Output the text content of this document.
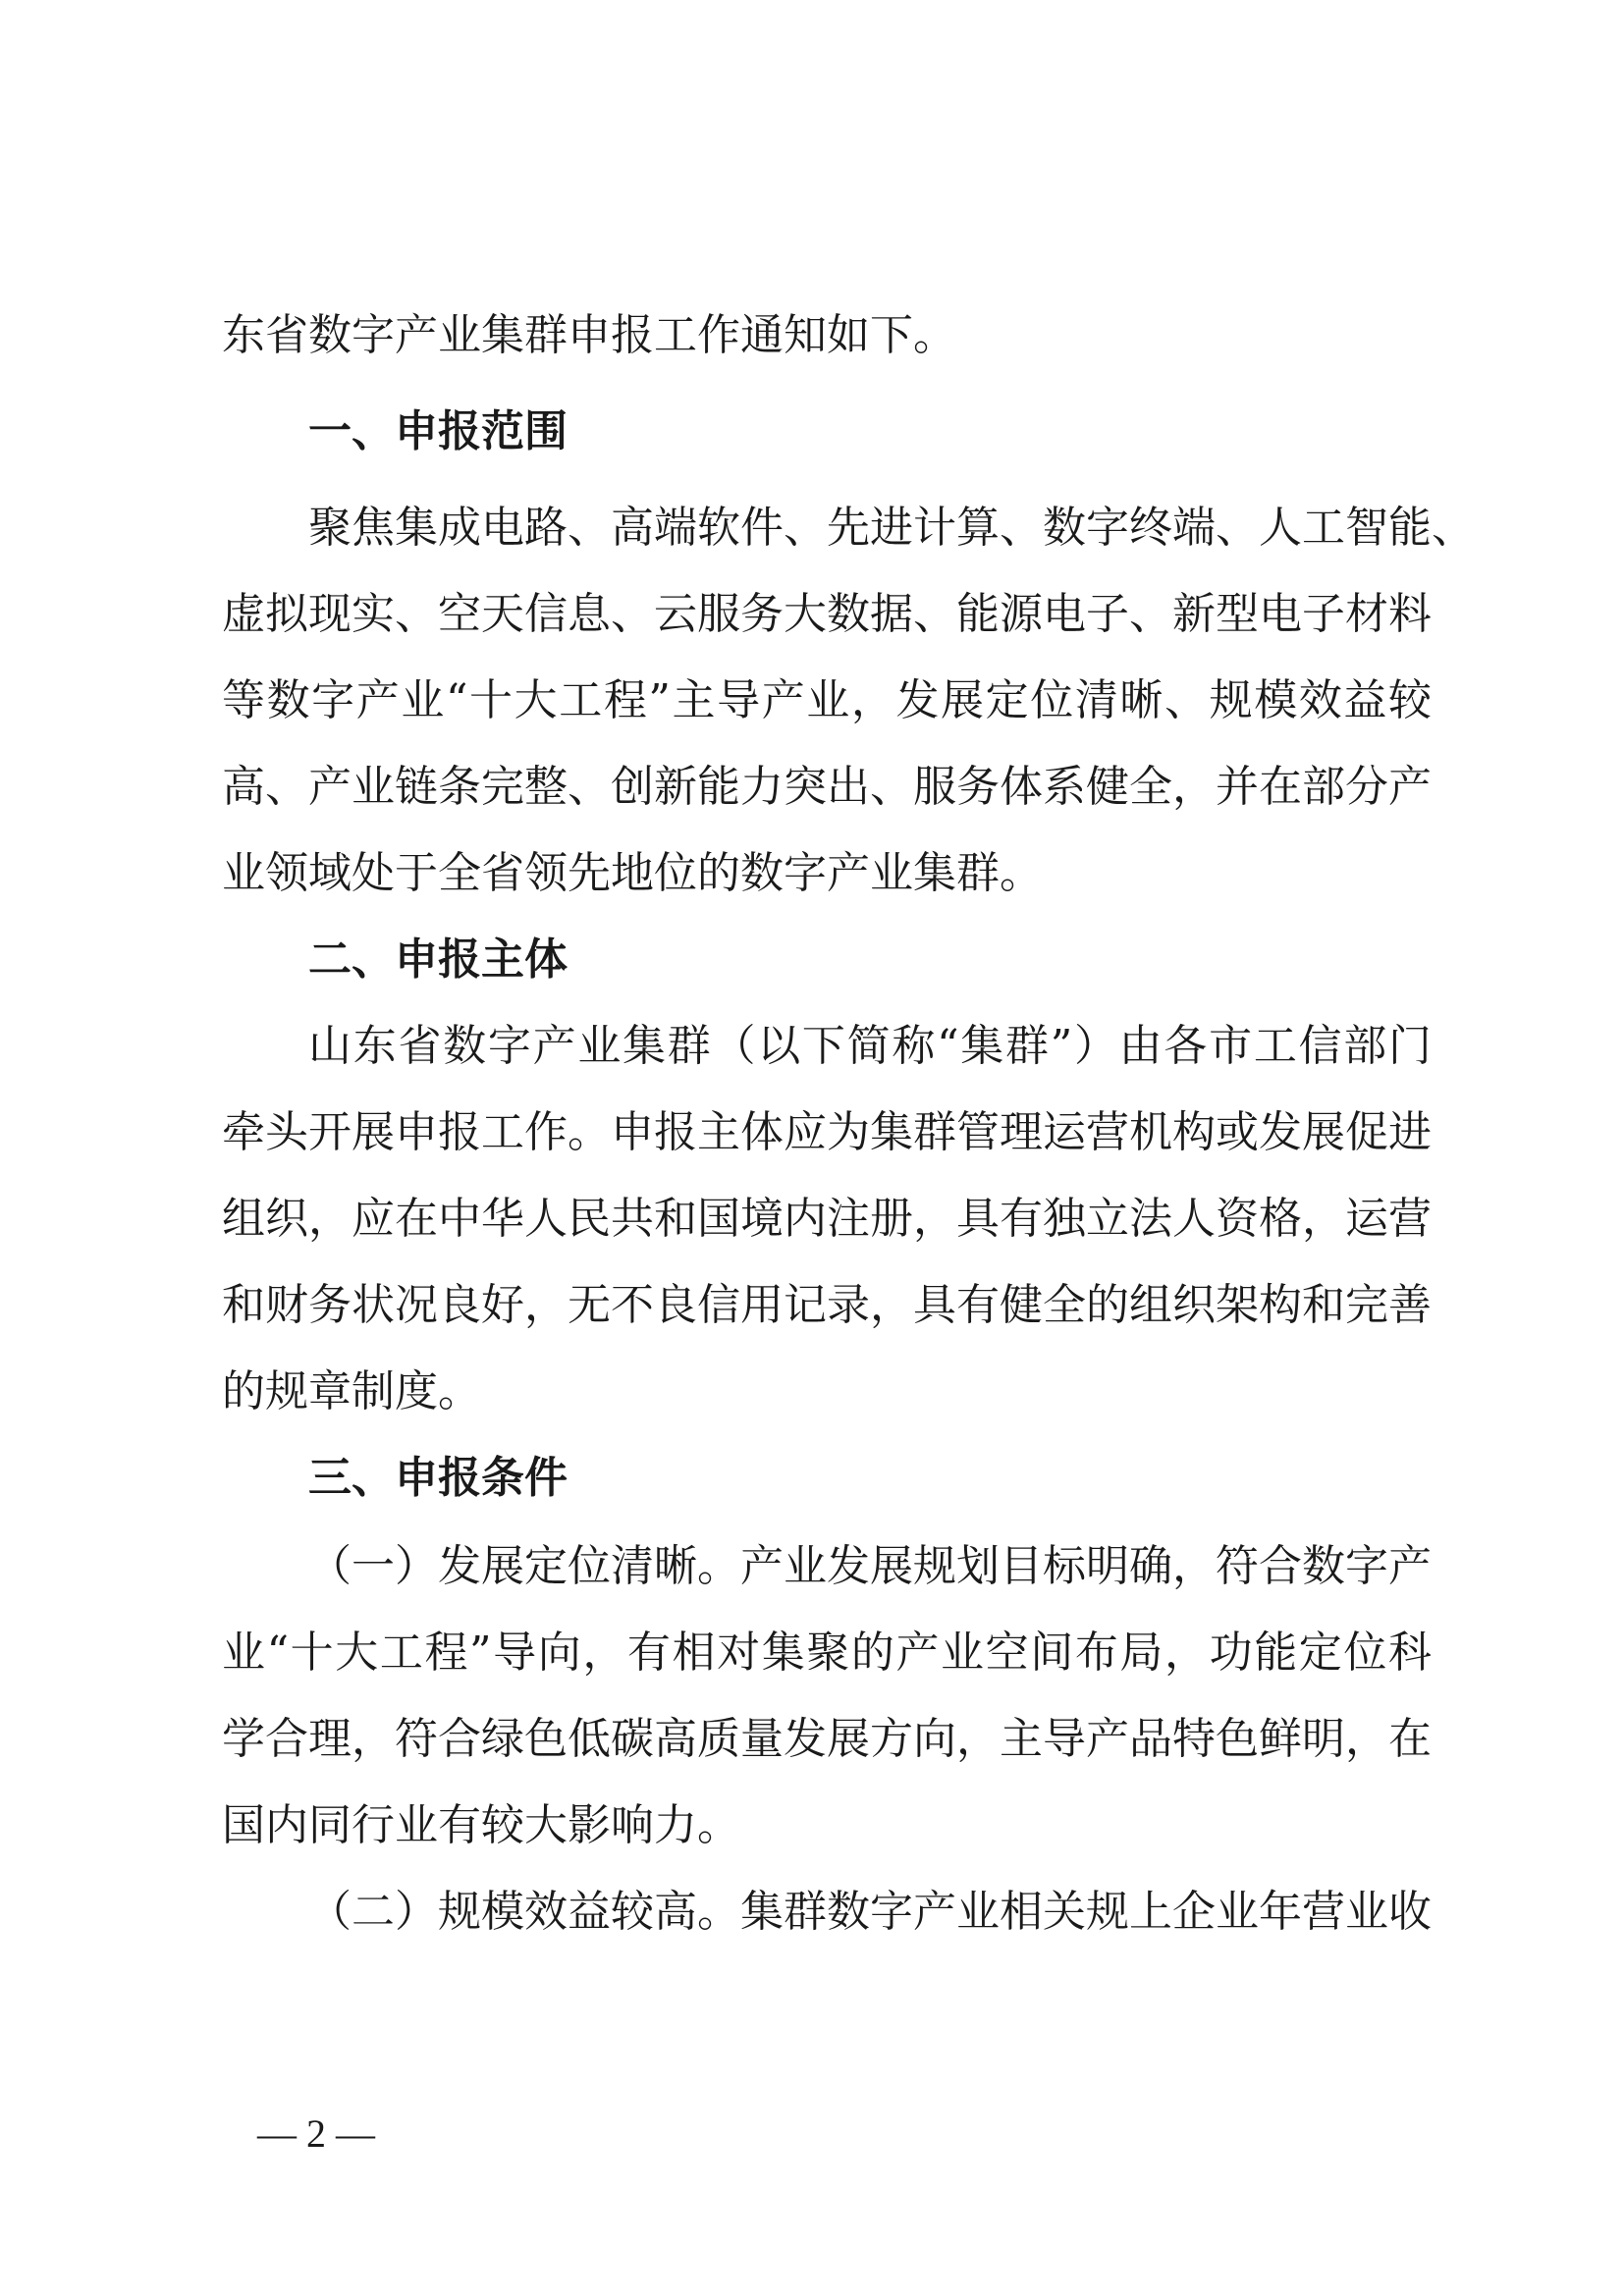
东省数字产业集群申报工作通知如下。
一、申报范围
聚焦集成电路、高端软件、先进计算、数字终端、人工智能、
虚拟现实、空天信息、云服务大数据、能源电子、新型电子材料
等数字产业“十大工程”主导产业，发展定位清晰、规模效益较
高、产业链条完整、创新能力突出、服务体系健全，并在部分产
业领域处于全省领先地位的数字产业集群。
二、申报主体
山东省数字产业集群（以下简称“集群”）由各市工信部门
牵头开展申报工作。申报主体应为集群管理运营机构或发展促进
组织，应在中华人民共和国境内注册，具有独立法人资格，运营
和财务状况良好，无不良信用记录，具有健全的组织架构和完善
的规章制度。
三、申报条件
（一）发展定位清晰。产业发展规划目标明确，符合数字产
业“十大工程”导向，有相对集聚的产业空间布局，功能定位科
学合理，符合绿色低碳高质量发展方向，主导产品特色鲜明，在
国内同行业有较大影响力。
（二）规模效益较高。集群数字产业相关规上企业年营业收
— 2 —
